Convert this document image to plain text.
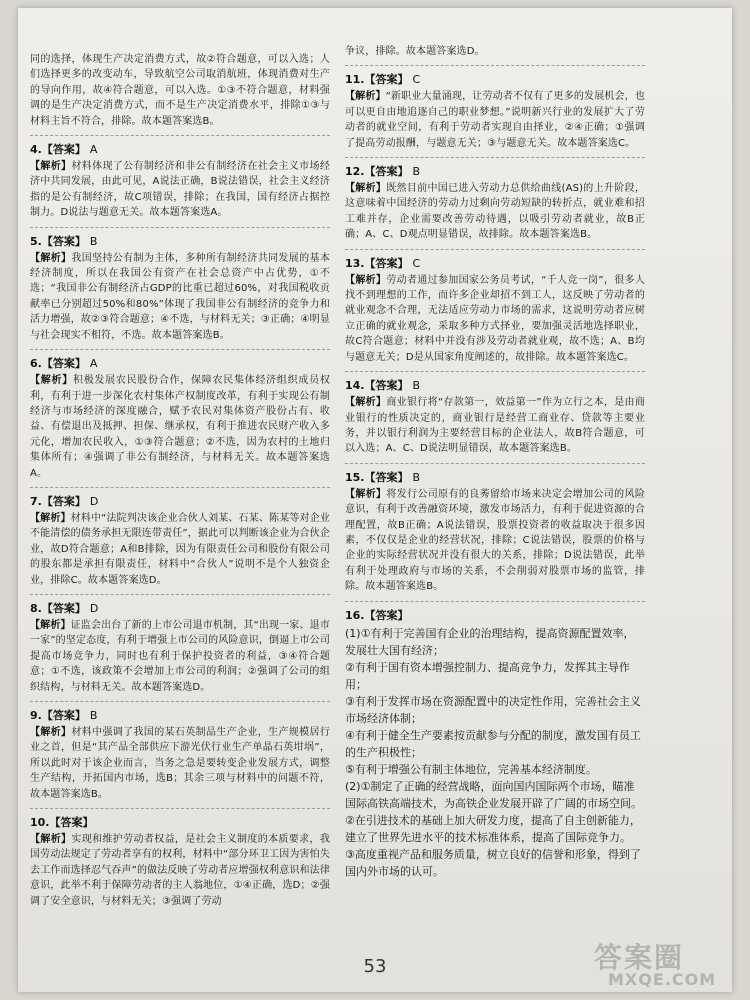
同的选择，体现生产决定消费方式，故②符合题意，可以入选；人们选择更多的改变动车，导致航空公司取消航班，体现消费对生产的导向作用，故④符合题意，可以入选。①③不符合题意，材料强调的是生产决定消费方式，而不是生产决定消费水平，排除①③与材料主旨不符合，排除。故本题答案选B。
4. 【答案】 A
【解析】材料体现了公有制经济和非公有制经济在社会主义市场经济中共同发展，由此可见，A说法正确，B说法错误，社会主义经济指的是公有制经济，故C项错误，排除；在我国，国有经济占据控制力。D说法与题意无关。故本题答案选A。
5. 【答案】 B
【解析】我国坚持公有制为主体，多种所有制经济共同发展的基本经济制度，所以在我国公有资产在社会总资产中占优势，①不选；“我国非公有制经济占GDP的比重已超过60%，对我国税收贡献率已分别超过50%和80%”体现了我国非公有制经济的竞争力和活力增强，故②③符合题意；④不选，与材料无关；③正确；④明显与社会现实不相符，不选。故本题答案选B。
6. 【答案】 A
【解析】积极发展农民股份合作，保障农民集体经济组织成员权利，有利于进一步深化农村集体产权制度改革，有利于实现公有制经济与市场经济的深度融合，赋予农民对集体资产股份占有、收益、有偿退出及抵押、担保、继承权，有利于推进农民财产收入多元化，增加农民收入，①③符合题意；②不选，因为农村的土地归集体所有；④强调了非公有制经济，与材料无关。故本题答案选A。
7. 【答案】 D
【解析】材料中“法院判决该企业合伙人刘某、石某、陈某等对企业不能清偿的债务承担无限连带责任”，据此可以判断该企业为合伙企业，故D符合题意；A和B排除，因为有限责任公司和股份有限公司的股东都是承担有限责任，材料中“合伙人”说明不是个人独资企业，排除C。故本题答案选D。
8. 【答案】 D
【解析】证监会出台了新的上市公司退市机制，其“出现一家、退市一家”的坚定态度，有利于增强上市公司的风险意识，倒逼上市公司提高市场竞争力，同时也有利于保护投资者的利益，③④符合题意；①不选，该政策不会增加上市公司的利润；②强调了公司的组织结构，与材料无关。故本题答案选D。
9. 【答案】 B
【解析】材料中强调了我国的某石英制品生产企业，生产规模居行业之首，但是“其产品全部供应下游光伏行业生产单晶石英坩埚”，所以此时对于该企业而言，当务之急是要转变企业发展方式，调整生产结构，开拓国内市场，选B；其余三项与材料中的问题不符，故本题答案选B。
10. 【答案】
【解析】实现和维护劳动者权益，是社会主义制度的本质要求，我国劳动法规定了劳动者享有的权利，材料中“部分环卫工因为害怕失去工作而选择忍气吞声”的做法反映了劳动者应增强权利意识和法律意识，此举不利于保障劳动者的主人翁地位，①④正确，选D；②强调了安全意识，与材料无关；③强调了劳动
争议，排除。故本题答案选D。
11. 【答案】 C
【解析】“新职业大量涌现，让劳动者不仅有了更多的发展机会，也可以更自由地追逐自己的职业梦想。”说明新兴行业的发展扩大了劳动者的就业空间，有利于劳动者实现自由择业，②④正确；①强调了提高劳动报酬，与题意无关；③与题意无关。故本题答案选C。
12. 【答案】 B
【解析】既然目前中国已进入劳动力总供给曲线(AS)的上升阶段，这意味着中国经济的劳动力过剩向劳动短缺的转折点，就业难和招工难并存，企业需要改善劳动待遇，以吸引劳动者就业，故B正确；A、C、D观点明显错误，故排除。故本题答案选B。
13. 【答案】 C
【解析】劳动者通过参加国家公务员考试，“千人竞一岗”，很多人找不到理想的工作，而许多企业却招不到工人，这反映了劳动者的就业观念不合理，无法适应劳动力市场的需求，这说明劳动者应树立正确的就业观念，采取多种方式择业，要加强灵活地选择职业，故C符合题意；材料中并没有涉及劳动者就业观，故不选；A、B均与题意无关；D是从国家角度阐述的，故排除。故本题答案选C。
14. 【答案】 B
【解析】商业银行将“存款第一，效益第一”作为立行之本，是由商业银行的性质决定的，商业银行是经营工商业存、贷款等主要业务，并以银行利润为主要经营目标的企业法人，故B符合题意，可以入选；A、C、D说法明显错误，故本题答案选B。
15. 【答案】 B
【解析】将发行公司原有的良莠留给市场来决定会增加公司的风险意识，有利于改善融资环境，激发市场活力，有利于促进资源的合理配置，故B正确；A说法错误，股票投资者的收益取决于很多因素，不仅仅是企业的经营状况，排除；C说法错误，股票的价格与企业的实际经营状况并没有很大的关系，排除；D说法错误，此举有利于处理政府与市场的关系，不会削弱对股票市场的监管，排除。故本题答案选B。
16. 【答案】
(1)①有利于完善国有企业的治理结构，提高资源配置效率，发展壮大国有经济；
②有利于国有资本增强控制力、提高竞争力，发挥其主导作用；
③有利于发挥市场在资源配置中的决定性作用，完善社会主义市场经济体制；
④有利于健全生产要素按贡献参与分配的制度，激发国有员工的生产积极性；
⑤有利于增强公有制主体地位，完善基本经济制度。
(2)①制定了正确的经营战略，面向国内国际两个市场，瞄准国际高铁高端技术，为高铁企业发展开辟了广阔的市场空间。
②在引进技术的基础上加大研发力度，提高了自主创新能力，建立了世界先进水平的技术标准体系，提高了国际竞争力。
③高度重视产品和服务质量，树立良好的信誉和形象，得到了国内外市场的认可。
53	答案圈
MXQE.COM
